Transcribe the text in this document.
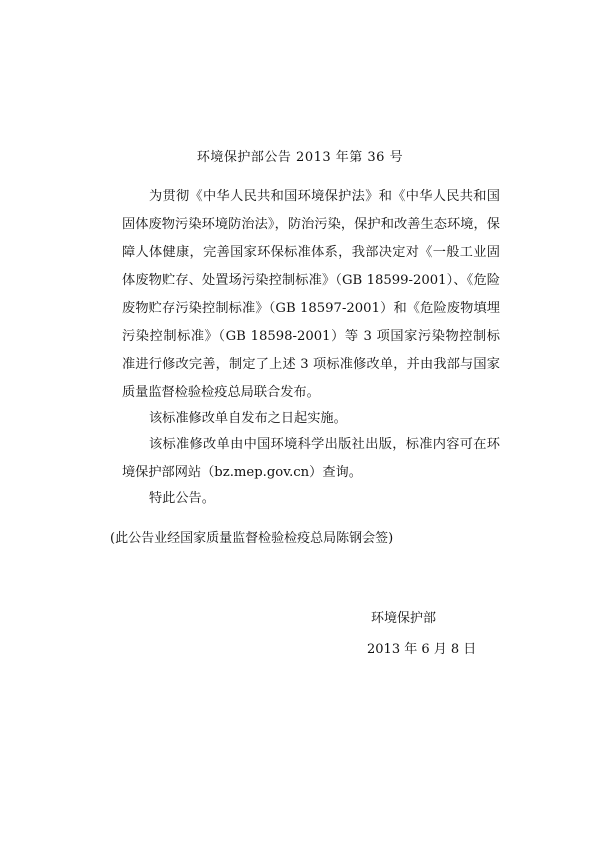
环境保护部公告 2013 年第 36 号
为贯彻《中华人民共和国环境保护法》和《中华人民共和国固体废物污染环境防治法》，防治污染，保护和改善生态环境，保障人体健康，完善国家环保标准体系，我部决定对《一般工业固体废物贮存、处置场污染控制标准》（GB 18599-2001）、《危险废物贮存污染控制标准》（GB 18597-2001）和《危险废物填埋污染控制标准》（GB 18598-2001）等 3 项国家污染物控制标准进行修改完善，制定了上述 3 项标准修改单，并由我部与国家质量监督检验检疫总局联合发布。
该标准修改单自发布之日起实施。
该标准修改单由中国环境科学出版社出版，标准内容可在环境保护部网站（bz.mep.gov.cn）查询。
特此公告。
(此公告业经国家质量监督检验检疫总局陈钢会签)
环境保护部
2013 年 6 月 8 日
